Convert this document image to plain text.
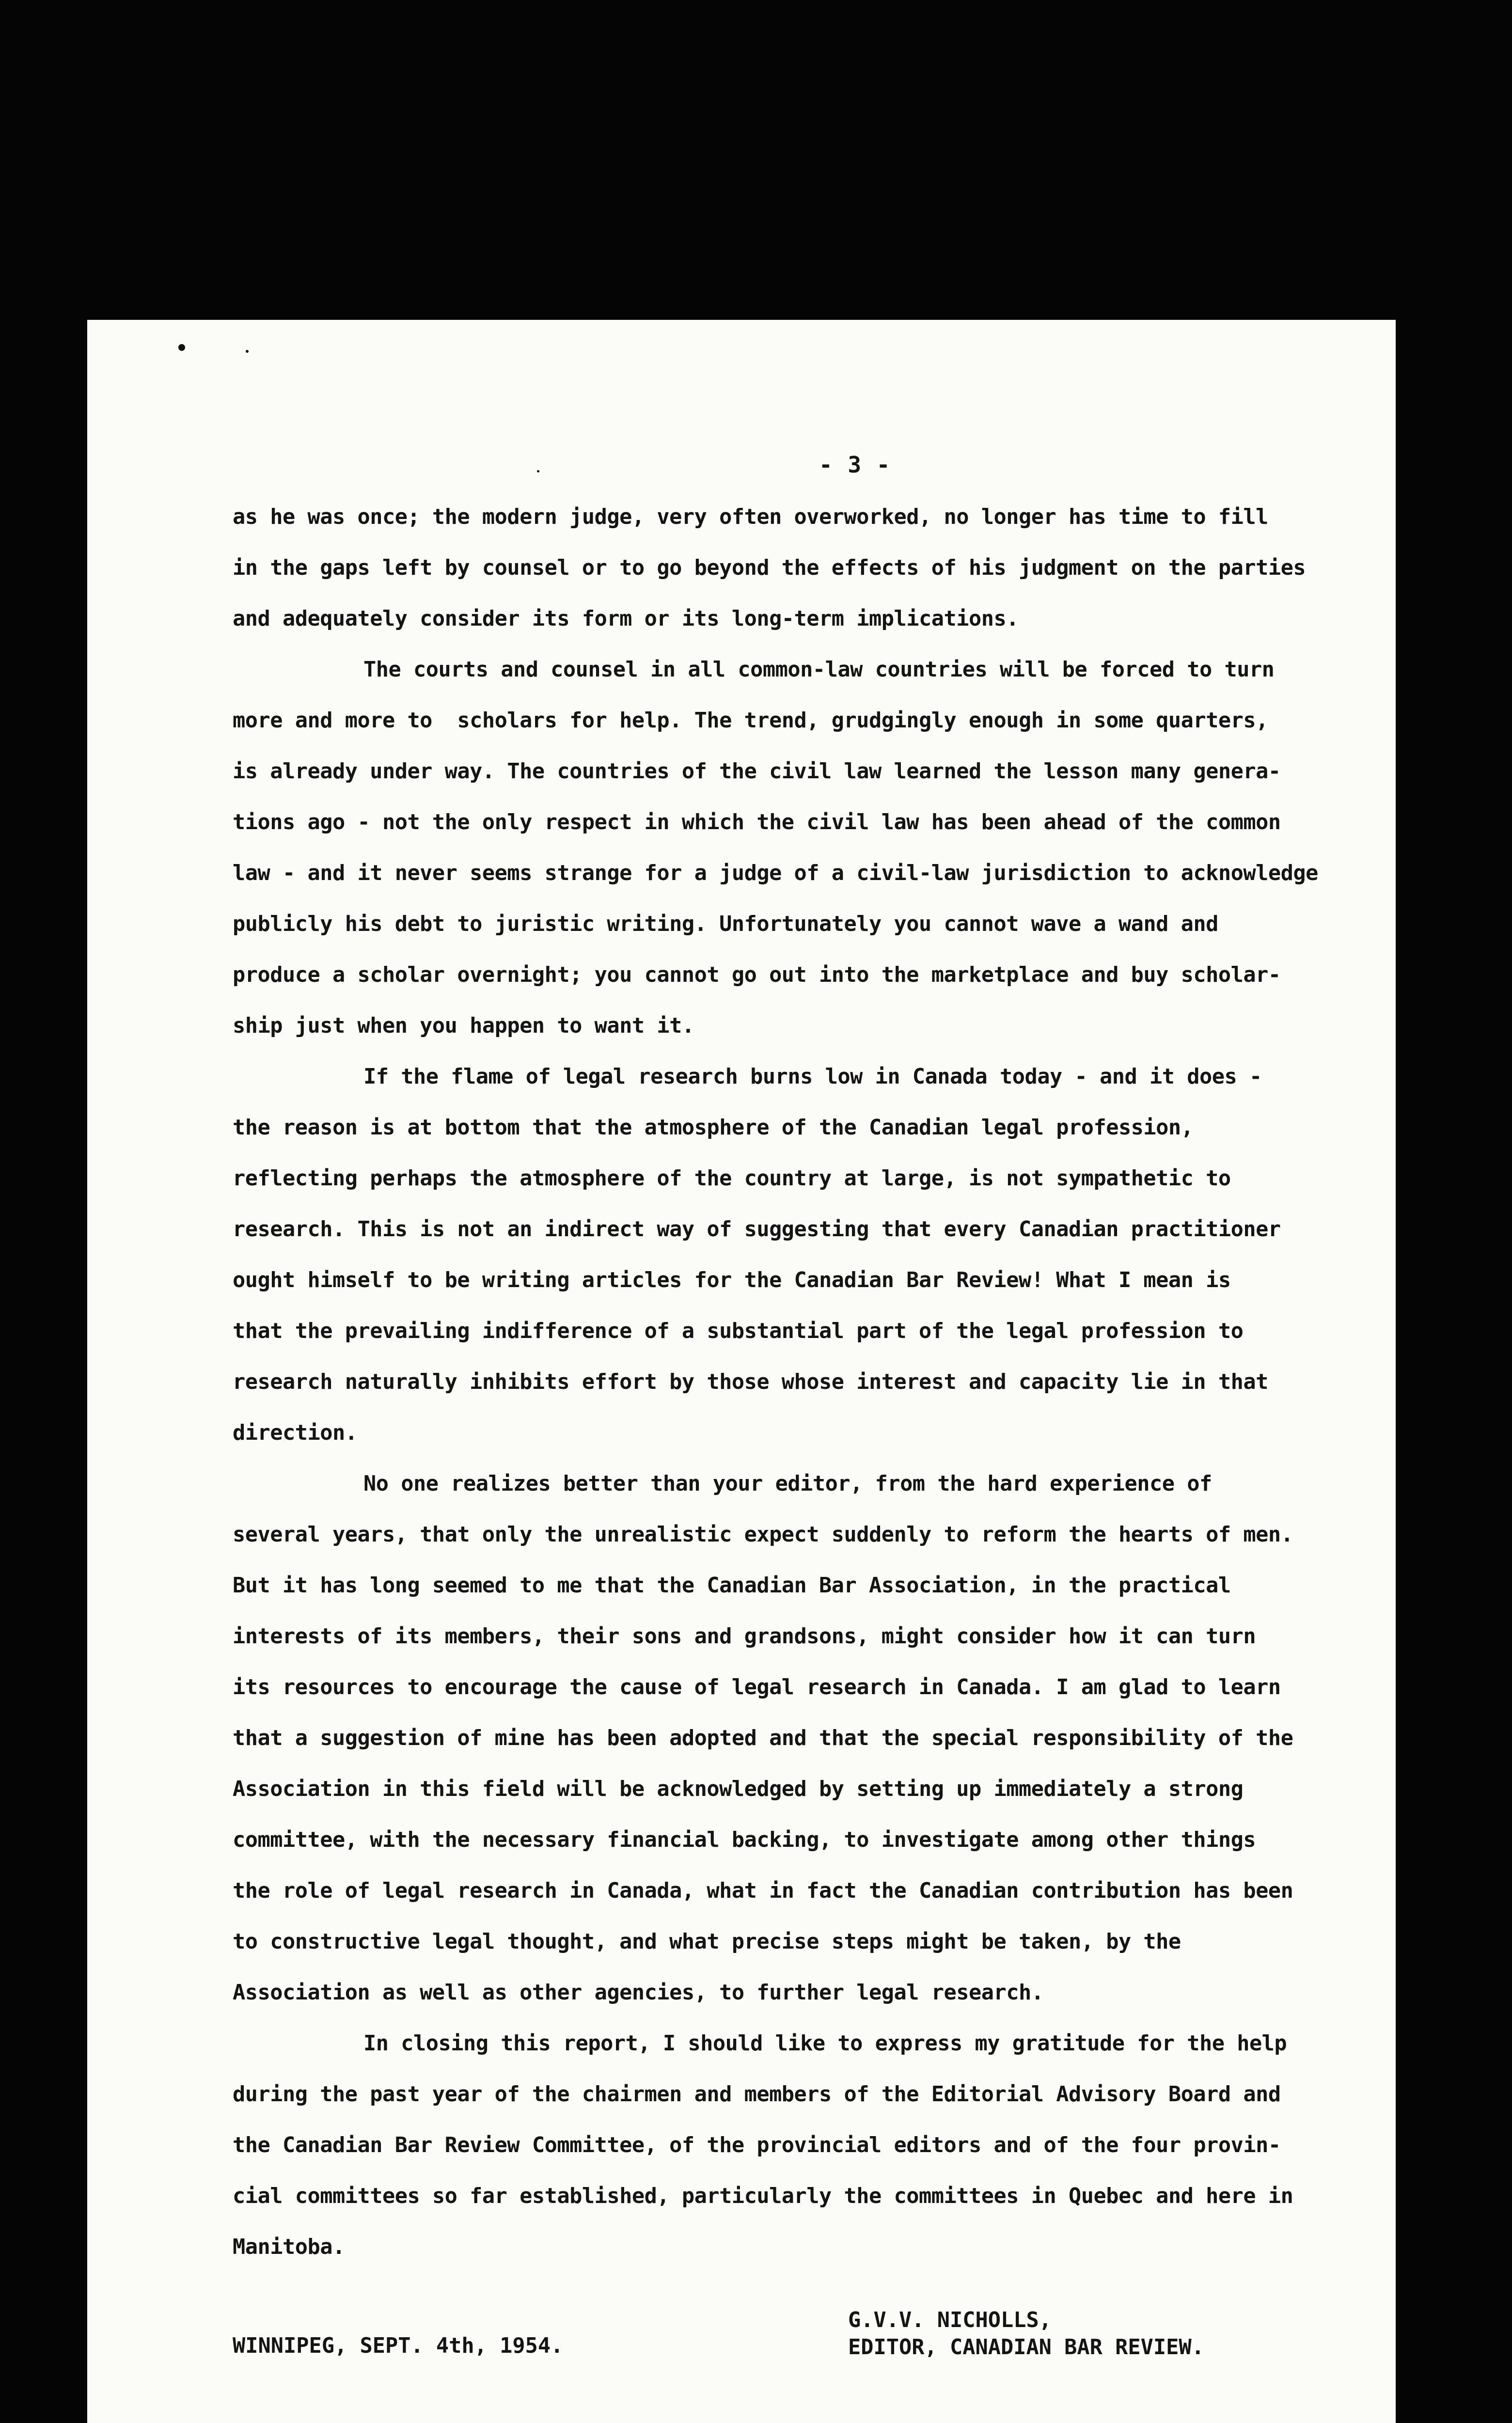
- 3 -
as he was once; the modern judge, very often overworked, no longer has time to fill
in the gaps left by counsel or to go beyond the effects of his judgment on the parties
and adequately consider its form or its long-term implications.
The courts and counsel in all common-law countries will be forced to turn
more and more to  scholars for help. The trend, grudgingly enough in some quarters,
is already under way. The countries of the civil law learned the lesson many genera-
tions ago - not the only respect in which the civil law has been ahead of the common
law - and it never seems strange for a judge of a civil-law jurisdiction to acknowledge
publicly his debt to juristic writing. Unfortunately you cannot wave a wand and
produce a scholar overnight; you cannot go out into the marketplace and buy scholar-
ship just when you happen to want it.
If the flame of legal research burns low in Canada today - and it does -
the reason is at bottom that the atmosphere of the Canadian legal profession,
reflecting perhaps the atmosphere of the country at large, is not sympathetic to
research. This is not an indirect way of suggesting that every Canadian practitioner
ought himself to be writing articles for the Canadian Bar Review! What I mean is
that the prevailing indifference of a substantial part of the legal profession to
research naturally inhibits effort by those whose interest and capacity lie in that
direction.
No one realizes better than your editor, from the hard experience of
several years, that only the unrealistic expect suddenly to reform the hearts of men.
But it has long seemed to me that the Canadian Bar Association, in the practical
interests of its members, their sons and grandsons, might consider how it can turn
its resources to encourage the cause of legal research in Canada. I am glad to learn
that a suggestion of mine has been adopted and that the special responsibility of the
Association in this field will be acknowledged by setting up immediately a strong
committee, with the necessary financial backing, to investigate among other things
the role of legal research in Canada, what in fact the Canadian contribution has been
to constructive legal thought, and what precise steps might be taken, by the
Association as well as other agencies, to further legal research.
In closing this report, I should like to express my gratitude for the help
during the past year of the chairmen and members of the Editorial Advisory Board and
the Canadian Bar Review Committee, of the provincial editors and of the four provin-
cial committees so far established, particularly the committees in Quebec and here in
Manitoba.
WINNIPEG, SEPT. 4th, 1954.
G.V.V. NICHOLLS,
EDITOR, CANADIAN BAR REVIEW.
